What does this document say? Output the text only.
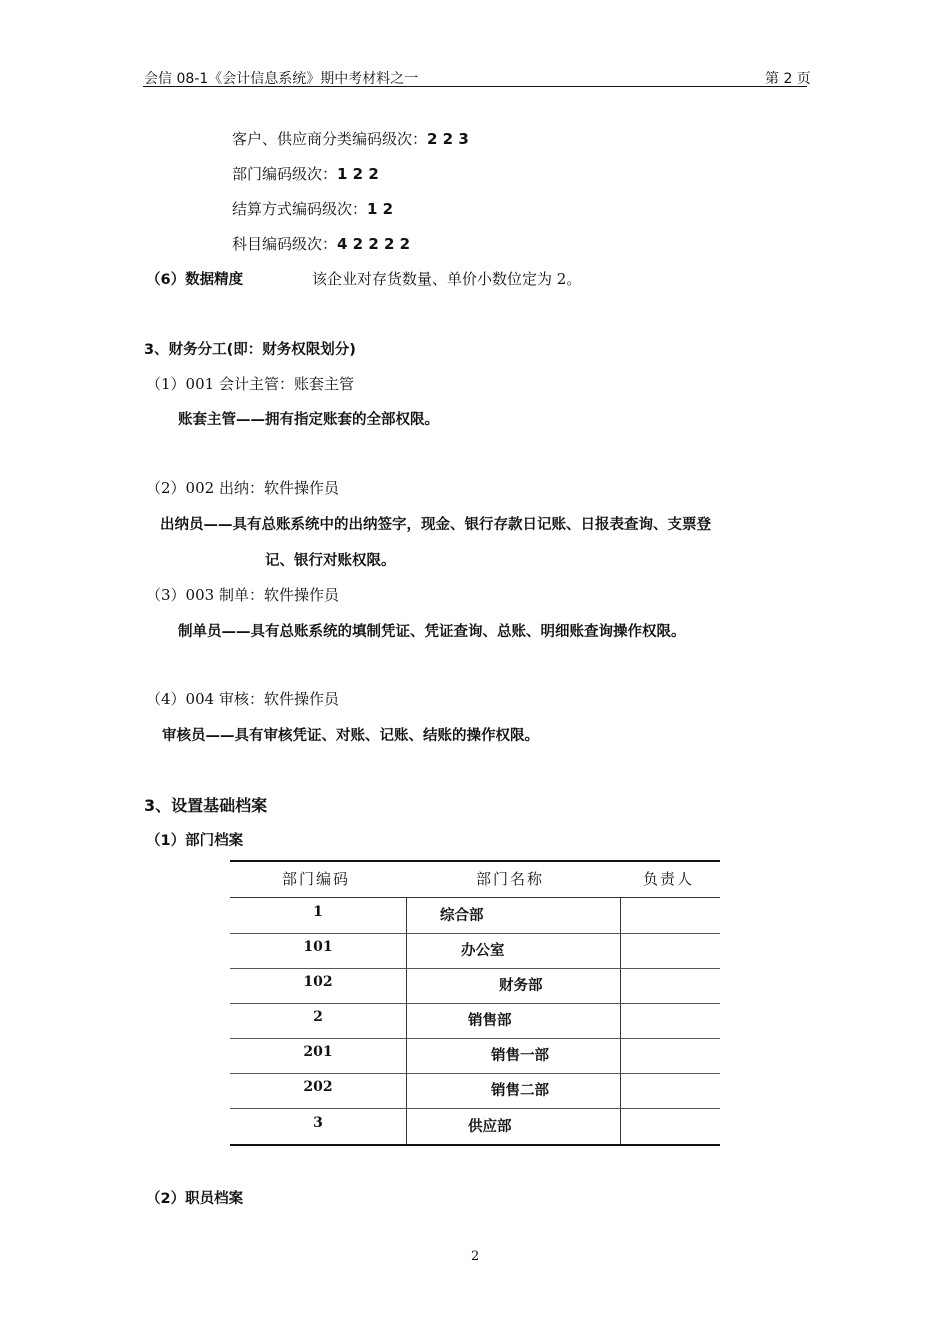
会信 08-1《会计信息系统》期中考材料之一	第 2 页
客户、供应商分类编码级次：2 2 3
部门编码级次：1 2 2
结算方式编码级次：1 2
科目编码级次：4 2 2 2 2
（6）数据精度	该企业对存货数量、单价小数位定为 2。
3、财务分工(即：财务权限划分)
（1）001 会计主管：账套主管
账套主管——拥有指定账套的全部权限。
（2）002 出纳：软件操作员
出纳员——具有总账系统中的出纳签字，现金、银行存款日记账、日报表查询、支票登
记、银行对账权限。
（3）003 制单：软件操作员
制单员——具有总账系统的填制凭证、凭证查询、总账、明细账查询操作权限。
（4）004 审核：软件操作员
审核员——具有审核凭证、对账、记账、结账的操作权限。
3、设置基础档案
（1）部门档案
部门编码	部门名称	负责人
1	综合部
101	办公室
102	财务部
2	销售部
201	销售一部
202	销售二部
3	供应部
（2）职员档案
2
